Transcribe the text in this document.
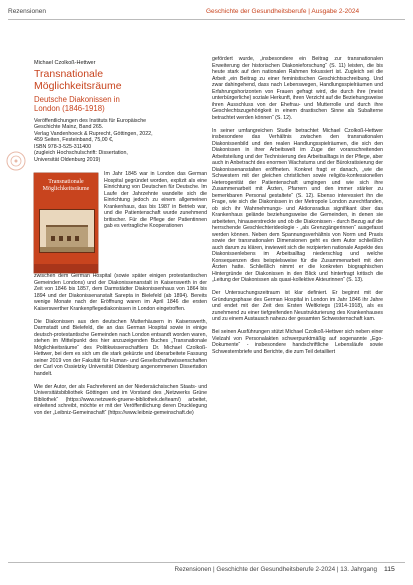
Rezensionen	Geschichte der Gesundheitsberufe | Ausgabe 2-2024
Michael Czolkoß-Hettwer
Transnationale
Möglichkeitsräume
Deutsche Diakonissen in
London (1846-1918)
Veröffentlichungen des Instituts für Europäische
Geschichte Mainz, Band 265.
Verlag Vandenhoeck & Ruprecht, Göttingen, 2022,
459 Seiten, Festeinband, 75,00 €,
ISBN 978-3-525-311400
(zugleich Hochschulschrift: Dissertation,
Universität Oldenburg 2019)
Transnationale Möglichkeitsräume
Im Jahr 1845 war in London das German Hospital gegründet worden, explizit als eine Einrichtung von Deutschen für Deutsche. Im Laufe der Jahrzehnte wandelte sich die Einrichtung jedoch zu einem allgemeinen Krankenhaus, das bis 1987 in Betrieb war, und die Patientenschaft wurde zunehmend britischer. Für die Pflege der Patientinnen gab es vertragliche Kooperationen

zwischen dem German Hospital (sowie später einigen protestantischen Gemeinden Londons) und der Diakonissenanstalt in Kaiserswerth in der Zeit von 1846 bis 1857, dem Darmstädter Diakonissenhaus von 1864 bis 1894 und der Diakonissenanstalt Sarepta in Bielefeld (ab 1894). Bereits wenige Monate nach der Eröffnung waren im April 1846 die ersten Kaiserswerther Krankenpflegediakonissen in London eingetroffen.

Die Diakonissen aus den deutschen Mutterhäusern in Kaiserswerth, Darmstadt und Bielefeld, die an das German Hospital sowie in einige deutsch-protestantische Gemeinden nach London entsandt worden waren, stehen im Mittelpunkt des hier anzuzeigenden Buches „Transnationale Möglichkeitsräume“ des Politikwissenschaftlers Dr. Michael Czolkoß-Hettwer, bei dem es sich um die stark gekürzte und überarbeitete Fassung seiner 2019 von der Fakultät für Human- und Gesellschaftswissenschaften der Carl von Ossietzky Universität Oldenburg angenommenen Dissertation handelt.

Wie der Autor, der als Fachreferent an der Niedersächsischen Staats- und Universitätsbibliothek Göttingen und im Vorstand des „Netzwerks Grüne Bibliothek“ (https://www.netzwerk-gruene-bibliothek.de/team/) arbeitet, einleitend schreibt, möchte er mit der Veröffentlichung deren Drucklegung von der „Leibniz-Gemeinschaft“ (https://www.leibniz-gemeinschaft.de)

gefördert wurde, „insbesondere ein Beitrag zur transnationalen Erweiterung der historischen Diakonieforschung“ (S. 11) leisten, die bis heute stark auf den nationalen Rahmen fokussiert ist. Zugleich sei die Arbeit „ein Beitrag zu einer feministischen Geschichtsschreibung. Und zwar dahingehend, dass nach Lebenswegen, Handlungsspielräumen und Erfahrungshorizonten von Frauen gefragt wird, die durch ihre (meist unterbürgerliche) soziale Herkunft, ihren Verzicht auf die Beziehungsweise ihren Ausschluss von der Ehefrau- und Mutterrolle und durch ihre Geschlechtszugehörigkeit in einem drastischen Sinne als Subalterne betrachtet werden können“ (S. 12).

In seiner umfangreichen Studie betrachtet Michael Czolkoß-Hettwer insbesondere das Verhältnis zwischen den transnationalen Diakonissenbild und den realen Handlungsspielräumen, die sich den Diakonissen in ihrer Arbeitswelt im Zuge der voranschreitenden Arbeitsteilung und der Technisierung des Arbeitsalltags in der Pflege, aber auch in Anbetracht des enormen Wachstums und der Bürokratisierung der Diakonissenanstalten eröffneten. Konkret fragt er danach, „wie die Schwestern mit der gleichen christlichen sowie religiös-konfessionellen Heterogenität der Patientenschaft umgingen und wie sich ihre Zusammenarbeit mit Ärzten, Pfarrern und den immer stärker zu bemerkbaren Personal gestaltete“ (S. 12). Ebenso interessiert ihn die Frage, wie sich die Diakonissen in der Metropole London zurechtfanden, ob sich ihr Wahrnehmungs- und Aktionsradius signifikant über das Krankenhaus gelände beziehungsweise die Gemeinden, in denen sie arbeiteten, hinauserstreckte und ob die Diakonissen - durch Bezug auf die herrschende Geschlechterideologie - „als Grenzgängerinnen“ ausgefasst werden können. Neben dem Spannungsverhältnis von Norm und Praxis sowie der transnationalen Dimensionen geht es dem Autor schließlich auch darum zu klären, inwieweit sich die rezipierten nationale Aspekte des Diakonissenlebens im Arbeitsalltag niederschlug und welche Konsequenzen dies beispielsweise für die Zusammenarbeit mit den Ärzten hatte. Schließlich nimmt er die konkreten biographischen Hintergründe der Diakonissen in den Blick und hinterfragt kritisch die „Leitung der Diakonissen als quasi-kollektive Akteurinnen“ (S. 13).

Der Untersuchungszeitraum ist klar definiert. Er beginnt mit der Gründungsphase des German Hospital in London im Jahr 1846 ihr Jahre und endet mit der Zeit des Ersten Weltkriegs (1914-1918), als es zunehmend zu einer tiefgreifenden Neustrukturierung des Krankenhauses und zu einem Austausch nahezu der gesamten Schwesternschaft kam.

Bei seinen Ausführungen stützt Michael Czolkoß-Hettwer sich neben einer Vielzahl von Personalakten schwerpunktmäßig auf sogenannte „Ego-Dokumente“ - insbesondere handschriftliche Lebensläufe sowie Schwesternbriefe und Berichte, die zum Teil detailliert

Rezensionen | Geschichte der Gesundheitsberufe 2-2024 | 13. Jahrgang 115
